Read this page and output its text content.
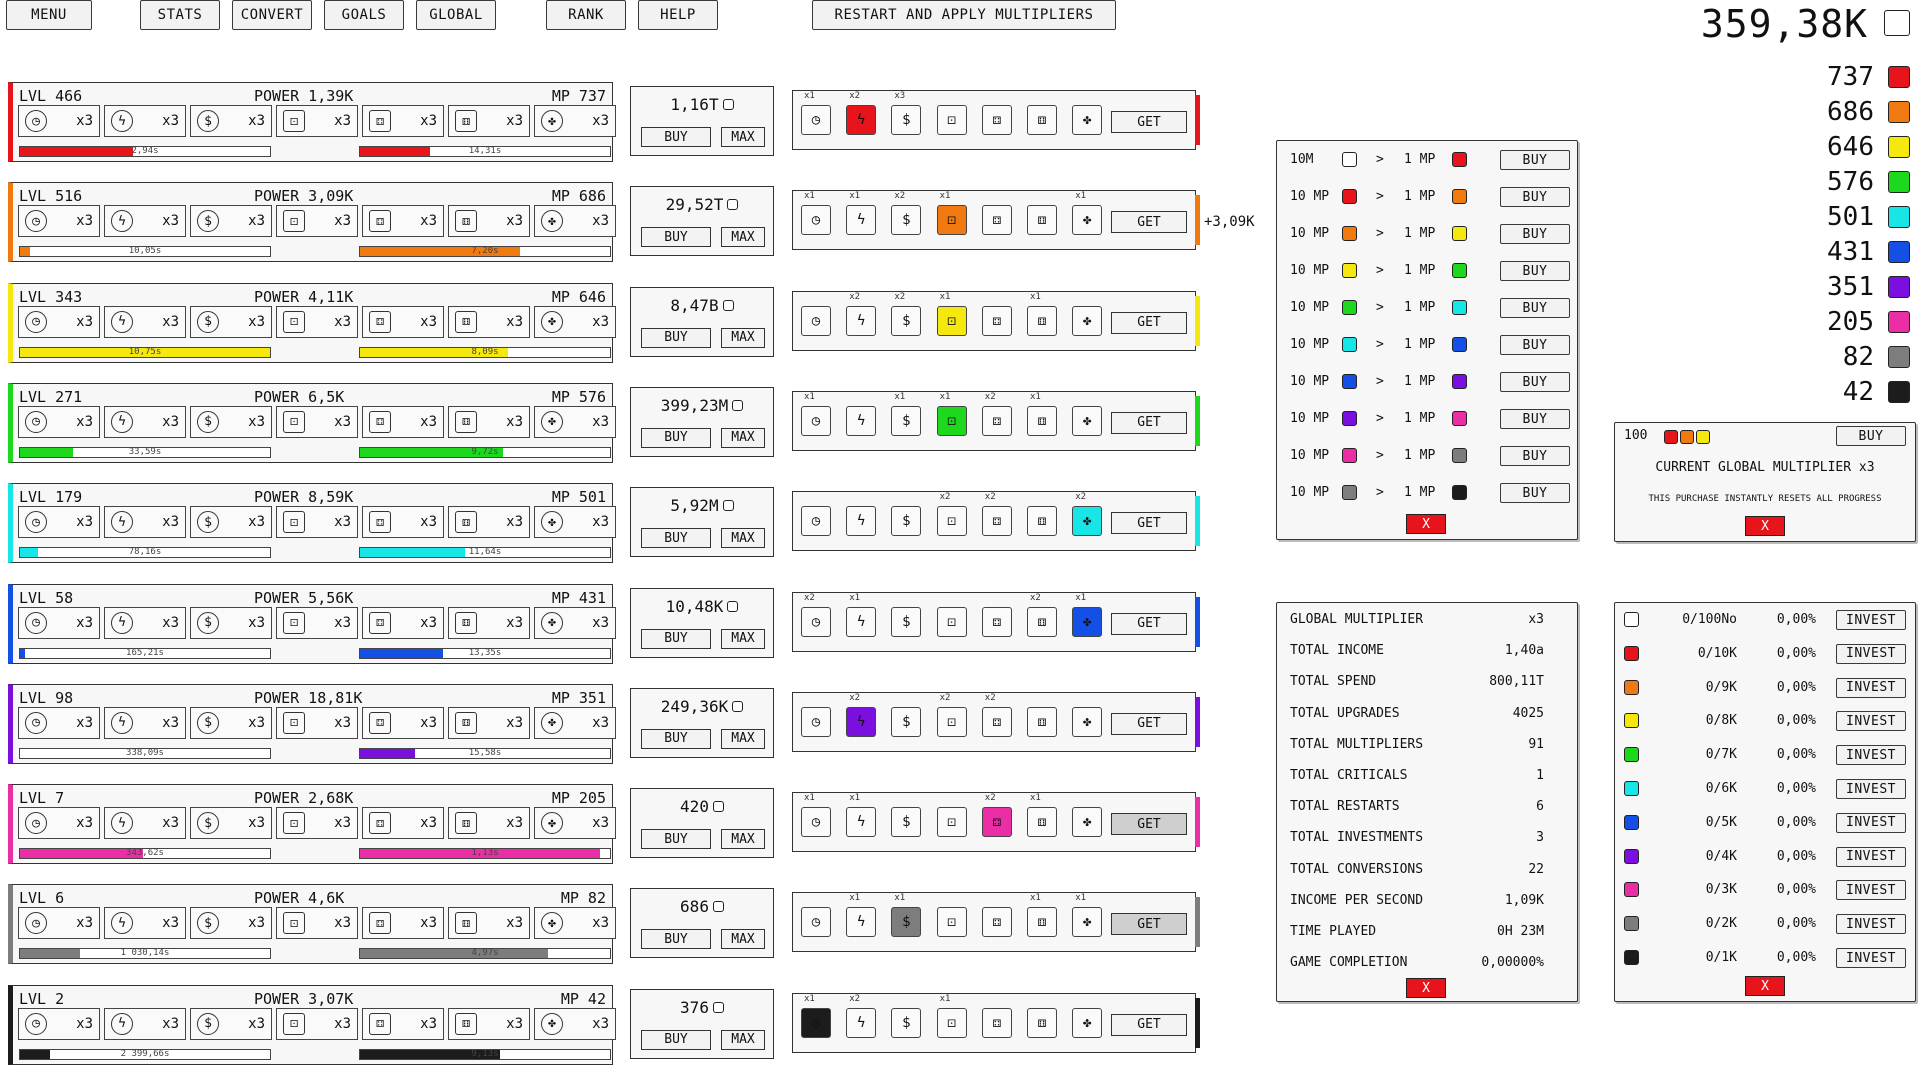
MENU	STATS	CONVERT	GOALS	GLOBAL	RANK	HELP	RESTART AND APPLY MULTIPLIERS	359,38K
X
100	BUY
CURRENT GLOBAL MULTIPLIER x3
THIS PURCHASE INSTANTLY RESETS ALL PROGRESS
X
X	X
737
686
646
576
501
431
351
205
82
42
LVL 466	POWER 1,39K	MP 737
◷	x3	ϟ	x3	$	x3	⚀	x3	⚃	x3	⚅	x3	✤	x3
2,94s	14,31s
1,16T
BUY	MAX
x1
◷
x2
ϟ
x3
$	⚀	⚃	⚅	✤	GET
LVL 516	POWER 3,09K	MP 686
◷	x3	ϟ	x3	$	x3	⚀	x3	⚃	x3	⚅	x3	✤	x3
10,05s	7,20s
29,52T
BUY	MAX
x1
◷
x1
ϟ
x2
$
x1
⚀	⚃	⚅
x1
✤	GET	+3,09K
LVL 343	POWER 4,11K	MP 646
◷	x3	ϟ	x3	$	x3	⚀	x3	⚃	x3	⚅	x3	✤	x3
10,75s	8,09s
8,47B
BUY	MAX
◷
x2
ϟ
x2
$
x1
⚀	⚃
x1
⚅	✤	GET
LVL 271	POWER 6,5K	MP 576
◷	x3	ϟ	x3	$	x3	⚀	x3	⚃	x3	⚅	x3	✤	x3
33,59s	9,72s
399,23M
BUY	MAX
x1
◷	ϟ
x1
$
x1
⚀
x2
⚃
x1
⚅	✤	GET
LVL 179	POWER 8,59K	MP 501
◷	x3	ϟ	x3	$	x3	⚀	x3	⚃	x3	⚅	x3	✤	x3
78,16s	11,64s
5,92M
BUY	MAX
◷	ϟ	$
x2
⚀
x2
⚃	⚅
x2
✤	GET
LVL 58	POWER 5,56K	MP 431
◷	x3	ϟ	x3	$	x3	⚀	x3	⚃	x3	⚅	x3	✤	x3
165,21s	13,35s
10,48K
BUY	MAX
x2
◷
x1
ϟ	$	⚀	⚃
x2
⚅
x1
✤	GET
LVL 98	POWER 18,81K	MP 351
◷	x3	ϟ	x3	$	x3	⚀	x3	⚃	x3	⚅	x3	✤	x3
338,09s	15,58s
249,36K
BUY	MAX
◷
x2
ϟ	$
x2
⚀
x2
⚃	⚅	✤	GET
LVL 7	POWER 2,68K	MP 205
◷	x3	ϟ	x3	$	x3	⚀	x3	⚃	x3	⚅	x3	✤	x3
343,62s	1,13s
420
BUY	MAX
x1
◷
x1
ϟ	$	⚀
x2
⚃
x1
⚅	✤	GET
LVL 6	POWER 4,6K	MP 82
◷	x3	ϟ	x3	$	x3	⚀	x3	⚃	x3	⚅	x3	✤	x3
1 030,14s	4,97s
686
BUY	MAX
◷
x1
ϟ
x1
$	⚀	⚃
x1
⚅
x1
✤	GET
LVL 2	POWER 3,07K	MP 42
◷	x3	ϟ	x3	$	x3	⚀	x3	⚃	x3	⚅	x3	✤	x3
2 399,66s	9,13s
376
BUY	MAX
x1
◷
x2
ϟ	$
x1
⚀	⚃	⚅	✤	GET
10M	> 1 MP	BUY
10 MP	> 1 MP	BUY
10 MP	> 1 MP	BUY
10 MP	> 1 MP	BUY
10 MP	> 1 MP	BUY
10 MP	> 1 MP	BUY
10 MP	> 1 MP	BUY
10 MP	> 1 MP	BUY
10 MP	> 1 MP	BUY
10 MP	> 1 MP	BUY
GLOBAL MULTIPLIER	x3
TOTAL INCOME	1,40a
TOTAL SPEND	800,11T
TOTAL UPGRADES	4025
TOTAL MULTIPLIERS	91
TOTAL CRITICALS	1
TOTAL RESTARTS	6
TOTAL INVESTMENTS	3
TOTAL CONVERSIONS	22
INCOME PER SECOND	1,09K
TIME PLAYED	0H 23M
GAME COMPLETION	0,00000%
0/100No	0,00%	INVEST
0/10K	0,00%	INVEST
0/9K	0,00%	INVEST
0/8K	0,00%	INVEST
0/7K	0,00%	INVEST
0/6K	0,00%	INVEST
0/5K	0,00%	INVEST
0/4K	0,00%	INVEST
0/3K	0,00%	INVEST
0/2K	0,00%	INVEST
0/1K	0,00%	INVEST
